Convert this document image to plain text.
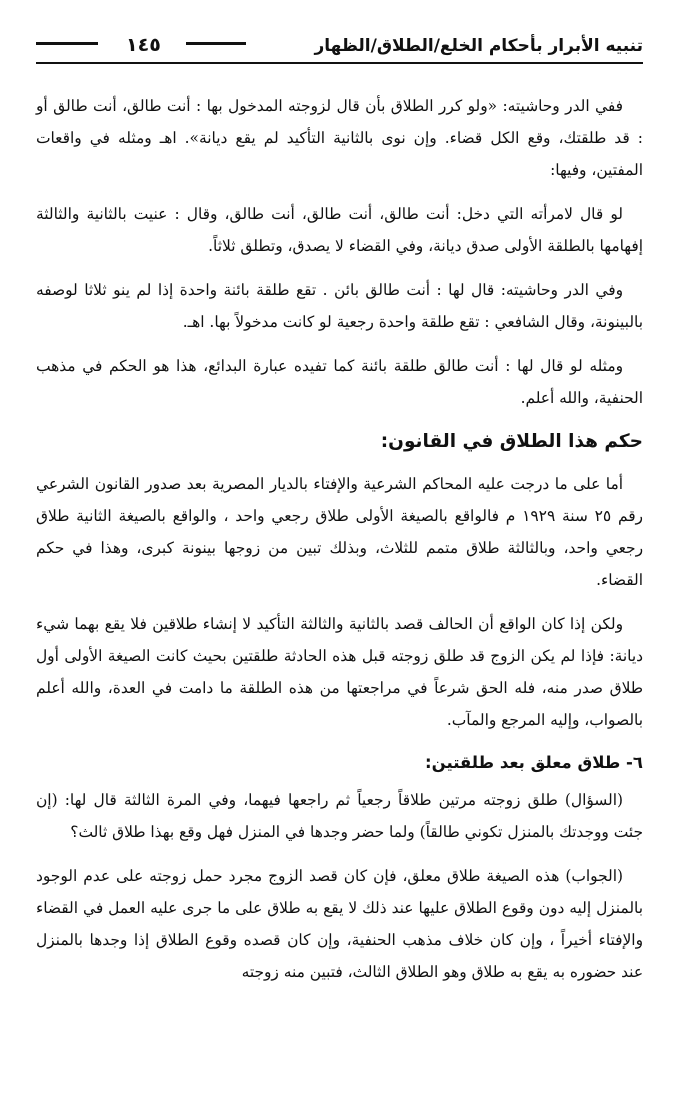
تنبيه الأبرار بأحكام الخلع/الطلاق/الظهار
١٤٥

ففي الدر وحاشيته: «ولو كرر الطلاق بأن قال لزوجته المدخول بها : أنت طالق، أنت طالق أو : قد طلقتك، وقع الكل قضاء. وإن نوى بالثانية التأكيد لم يقع ديانة». اهـ ومثله في واقعات المفتين، وفيها:

لو قال لامرأته التي دخل: أنت طالق، أنت طالق، أنت طالق، وقال : عنيت بالثانية والثالثة إفهامها بالطلقة الأولى صدق ديانة، وفي القضاء لا يصدق، وتطلق ثلاثاً.

وفي الدر وحاشيته: قال لها : أنت طالق بائن . تقع طلقة بائنة واحدة إذا لم ينو ثلاثا لوصفه بالبينونة، وقال الشافعي : تقع طلقة واحدة رجعية لو كانت مدخولاً بها. اهـ.

ومثله لو قال لها : أنت طالق طلقة بائنة كما تفيده عبارة البدائع، هذا هو الحكم في مذهب الحنفية، والله أعلم.

حكم هذا الطلاق في القانون:

أما على ما درجت عليه المحاكم الشرعية والإفتاء بالديار المصرية بعد صدور القانون الشرعي رقم ٢٥ سنة ١٩٢٩ م فالواقع بالصيغة الأولى طلاق رجعي واحد ، والواقع بالصيغة الثانية طلاق رجعي واحد، وبالثالثة طلاق متمم للثلاث، وبذلك تبين من زوجها بينونة كبرى، وهذا في حكم القضاء.

ولكن إذا كان الواقع أن الحالف قصد بالثانية والثالثة التأكيد لا إنشاء طلاقين فلا يقع بهما شيء ديانة: فإذا لم يكن الزوج قد طلق زوجته قبل هذه الحادثة طلقتين بحيث كانت الصيغة الأولى أول طلاق صدر منه، فله الحق شرعاً في مراجعتها من هذه الطلقة ما دامت في العدة، والله أعلم بالصواب، وإليه المرجع والمآب.

٦- طلاق معلق بعد طلقتين:

(السؤال) طلق زوجته مرتين طلاقاً رجعياً ثم راجعها فيهما، وفي المرة الثالثة قال لها: (إن جئت ووجدتك بالمنزل تكوني طالقاً) ولما حضر وجدها في المنزل فهل وقع بهذا طلاق ثالث؟

(الجواب) هذه الصيغة طلاق معلق، فإن كان قصد الزوج مجرد حمل زوجته على عدم الوجود بالمنزل إليه دون وقوع الطلاق عليها عند ذلك لا يقع به طلاق على ما جرى عليه العمل في القضاء والإفتاء أخيراً ، وإن كان خلاف مذهب الحنفية، وإن كان قصده وقوع الطلاق إذا وجدها بالمنزل عند حضوره به يقع به طلاق وهو الطلاق الثالث، فتبين منه زوجته
